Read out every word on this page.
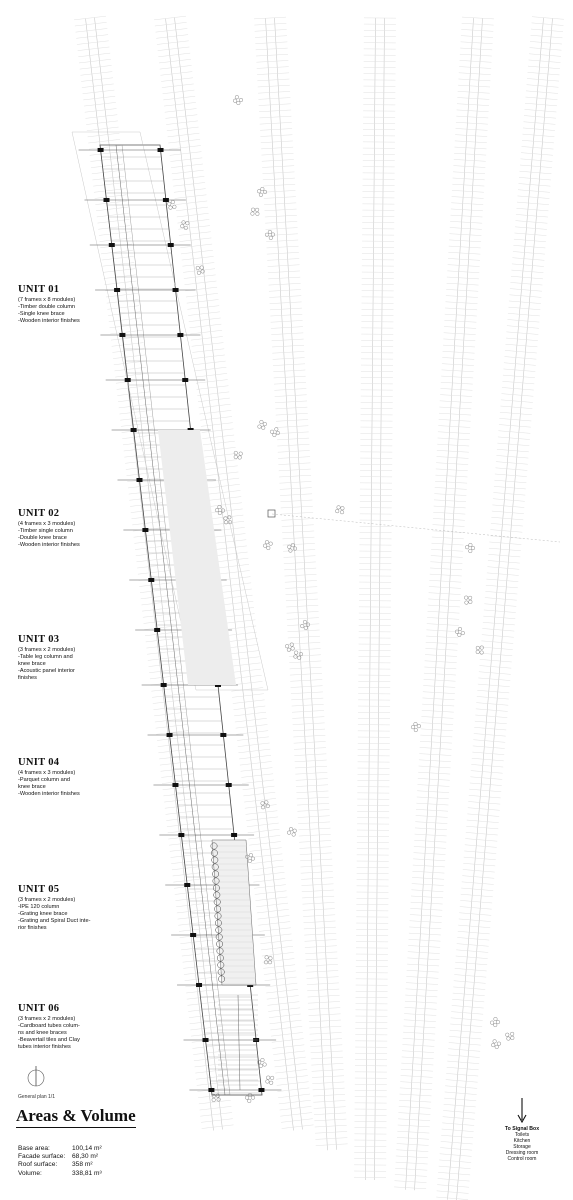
UNIT 01
(7 frames x 8 modules)
-Timber double column
-Single knee brace
-Wooden interior finishes
UNIT 02
(4 frames x 3 modules)
-Timber single column
-Double knee brace
-Wooden interior finishes
UNIT 03
(3 frames x 2 modules)
-Table leg column and
knee brace
-Acoustic panel interior
finishes
UNIT 04
(4 frames x 3 modules)
-Parquet column and
knee brace
-Wooden interior finishes
UNIT 05
(3 frames x 2 modules)
-IPE 120 column
-Grating knee brace
-Grating and Spiral Duct inte-
rior finishes
UNIT 06
(3 frames x 2 modules)
-Cardboard tubes colum-
ns and knee braces
-Beavertail tiles and Clay
tubes interior finishes
General plan 1/1
Areas & Volume
Base area:	100,14 m²
Facade surface:	68,30 m²
Roof surface:	358 m²
Volume:	338,81 m³
To Signal Box
Toilets
Kitchen
Storage
Dressing room
Control room
